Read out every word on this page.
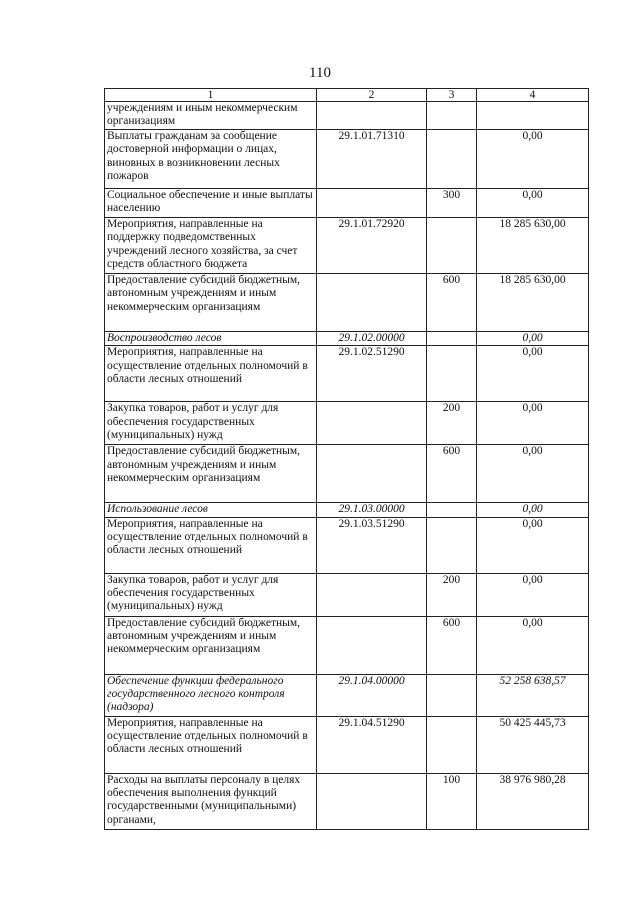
110
1	2	3	4
учреждениям и иным некоммерческим организациям			
Выплаты гражданам за сообщение достоверной информации о лицах, виновных в возникновении лесных пожаров	29.1.01.71310		0,00
Социальное обеспечение и иные выплаты населению		300	0,00
Мероприятия, направленные на поддержку подведомственных учреждений лесного хозяйства, за счет средств областного бюджета	29.1.01.72920		18 285 630,00
Предоставление субсидий бюджетным, автономным учреждениям и иным некоммерческим организациям		600	18 285 630,00
Воспроизводство лесов	29.1.02.00000		0,00
Мероприятия, направленные на осуществление отдельных полномочий в области лесных отношений	29.1.02.51290		0,00
Закупка товаров, работ и услуг для обеспечения государственных (муниципальных) нужд		200	0,00
Предоставление субсидий бюджетным, автономным учреждениям и иным некоммерческим организациям		600	0,00
Использование лесов	29.1.03.00000		0,00
Мероприятия, направленные на осуществление отдельных полномочий в области лесных отношений	29.1.03.51290		0,00
Закупка товаров, работ и услуг для обеспечения государственных (муниципальных) нужд		200	0,00
Предоставление субсидий бюджетным, автономным учреждениям и иным некоммерческим организациям		600	0,00
Обеспечение функции федерального государственного лесного контроля (надзора)	29.1.04.00000		52 258 638,57
Мероприятия, направленные на осуществление отдельных полномочий в области лесных отношений	29.1.04.51290		50 425 445,73
Расходы на выплаты персоналу в целях обеспечения выполнения функций государственными (муниципальными) органами,		100	38 976 980,28
